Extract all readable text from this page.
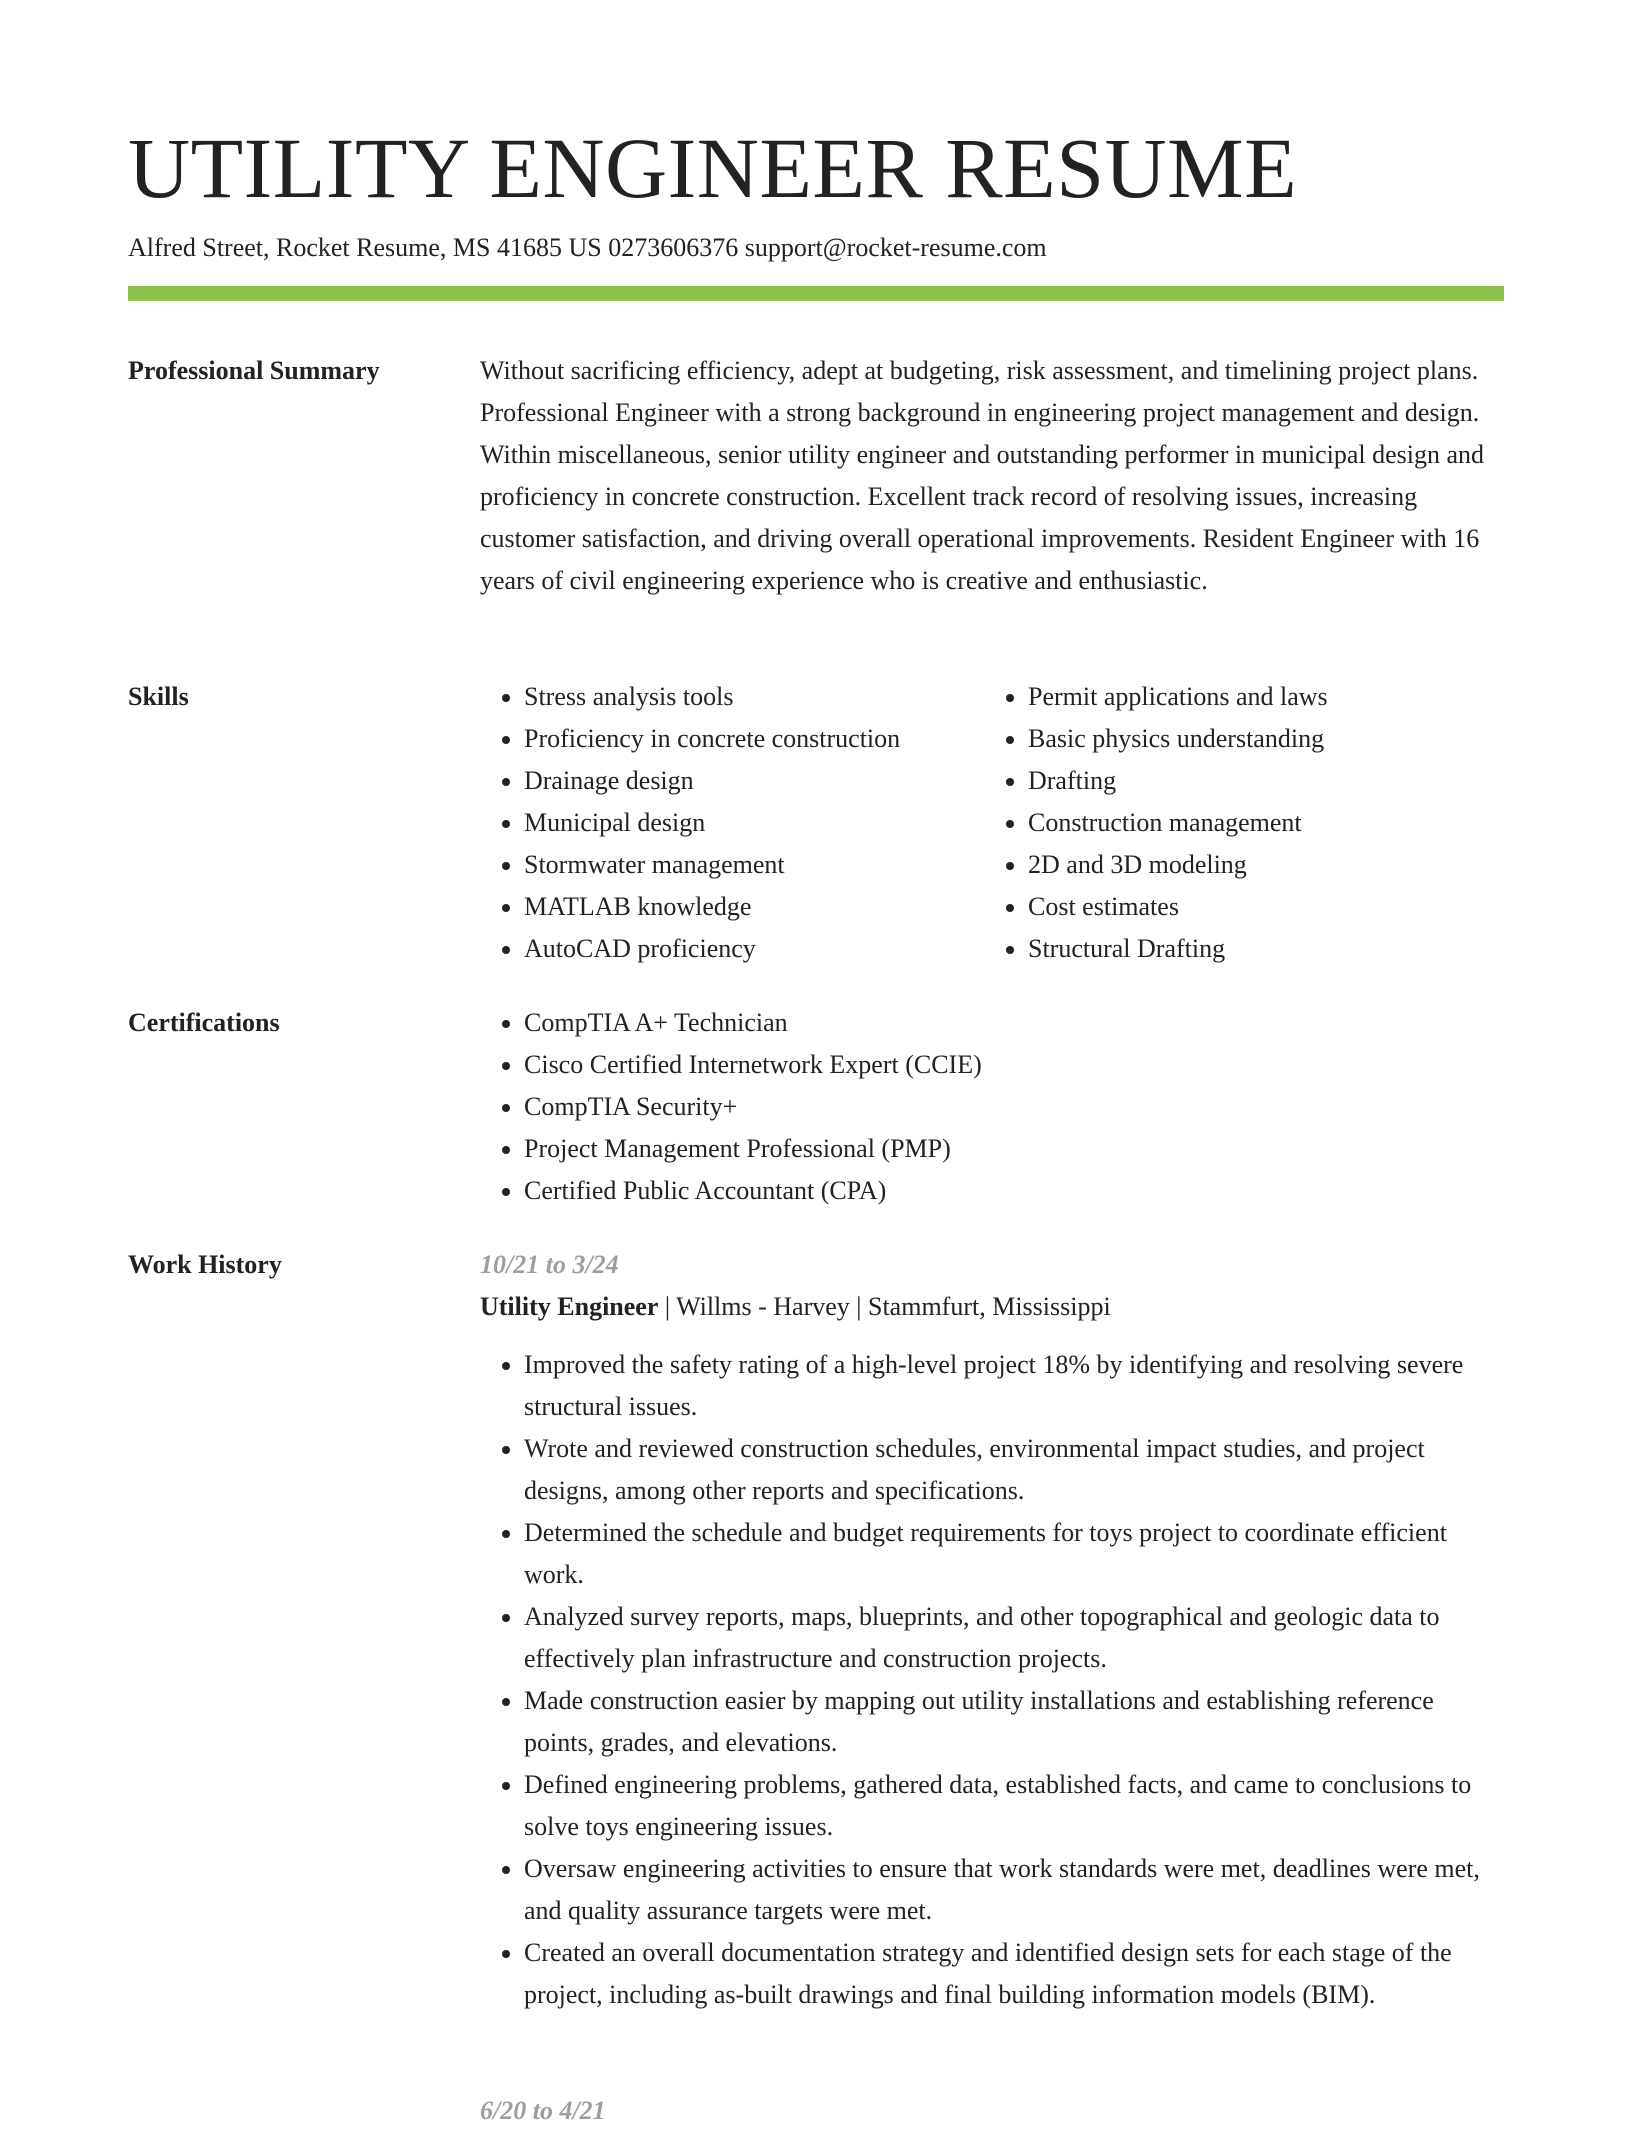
UTILITY ENGINEER RESUME
Alfred Street, Rocket Resume, MS 41685 US 0273606376 support@rocket-resume.com
Professional Summary	Without sacrificing efficiency, adept at budgeting, risk assessment, and timelining project plans. Professional Engineer with a strong background in engineering project management and design. Within miscellaneous, senior utility engineer and outstanding performer in municipal design and proficiency in concrete construction. Excellent track record of resolving issues, increasing customer satisfaction, and driving overall operational improvements. Resident Engineer with 16 years of civil engineering experience who is creative and enthusiastic.

Skills	• Stress analysis tools
• Proficiency in concrete construction
• Drainage design
• Municipal design
• Stormwater management
• MATLAB knowledge
• AutoCAD proficiency
• Permit applications and laws
• Basic physics understanding
• Drafting
• Construction management
• 2D and 3D modeling
• Cost estimates
• Structural Drafting
Certifications	• CompTIA A+ Technician
• Cisco Certified Internetwork Expert (CCIE)
• CompTIA Security+
• Project Management Professional (PMP)
• Certified Public Accountant (CPA)
Work History	10/21 to 3/24
Utility Engineer | Willms - Harvey | Stammfurt, Mississippi
• Improved the safety rating of a high-level project 18% by identifying and resolving severe structural issues.
• Wrote and reviewed construction schedules, environmental impact studies, and project designs, among other reports and specifications.
• Determined the schedule and budget requirements for toys project to coordinate efficient work.
• Analyzed survey reports, maps, blueprints, and other topographical and geologic data to effectively plan infrastructure and construction projects.
• Made construction easier by mapping out utility installations and establishing reference points, grades, and elevations.
• Defined engineering problems, gathered data, established facts, and came to conclusions to solve toys engineering issues.
• Oversaw engineering activities to ensure that work standards were met, deadlines were met, and quality assurance targets were met.
• Created an overall documentation strategy and identified design sets for each stage of the project, including as-built drawings and final building information models (BIM).
6/20 to 4/21
